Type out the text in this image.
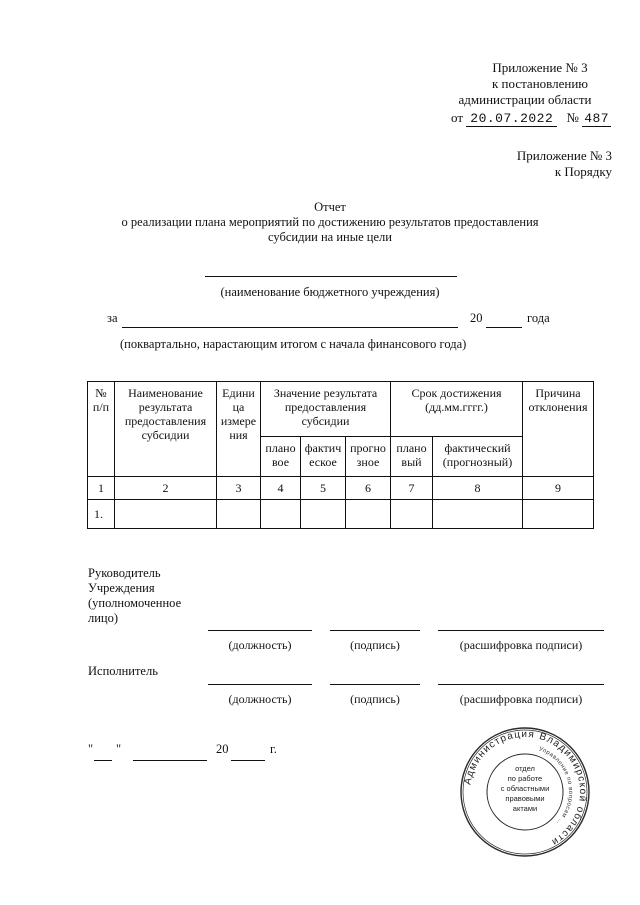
Приложение № 3
к постановлению
администрации области
от 20.07.2022 № 487
Приложение № 3
к Порядку
Отчет
о реализации плана мероприятий по достижению результатов предоставления
субсидии на иные цели
(наименование бюджетного учреждения)
за	20	года
(поквартально, нарастающим итогом с начала финансового года)
№ п/п	Наименование результата предоставления субсидии	Едини ца измере ния	Значение результата предоставления субсидии			Срок достижения (дд.мм.гггг.)		Причина отклонения
			плано вое	фактич еское	прогно зное	плано вый	фактический (прогнозный)	
1	2	3	4	5	6	7	8	9
1.								
Руководитель
Учреждения
(уполномоченное
лицо)
(должность)	(подпись)	(расшифровка подписи)
Исполнитель
(должность)	(подпись)	(расшифровка подписи)
" "	20	г.
Администрация Владимирской области
Управление по вопросам …
отдел
по работе
с областными
правовыми
актами
